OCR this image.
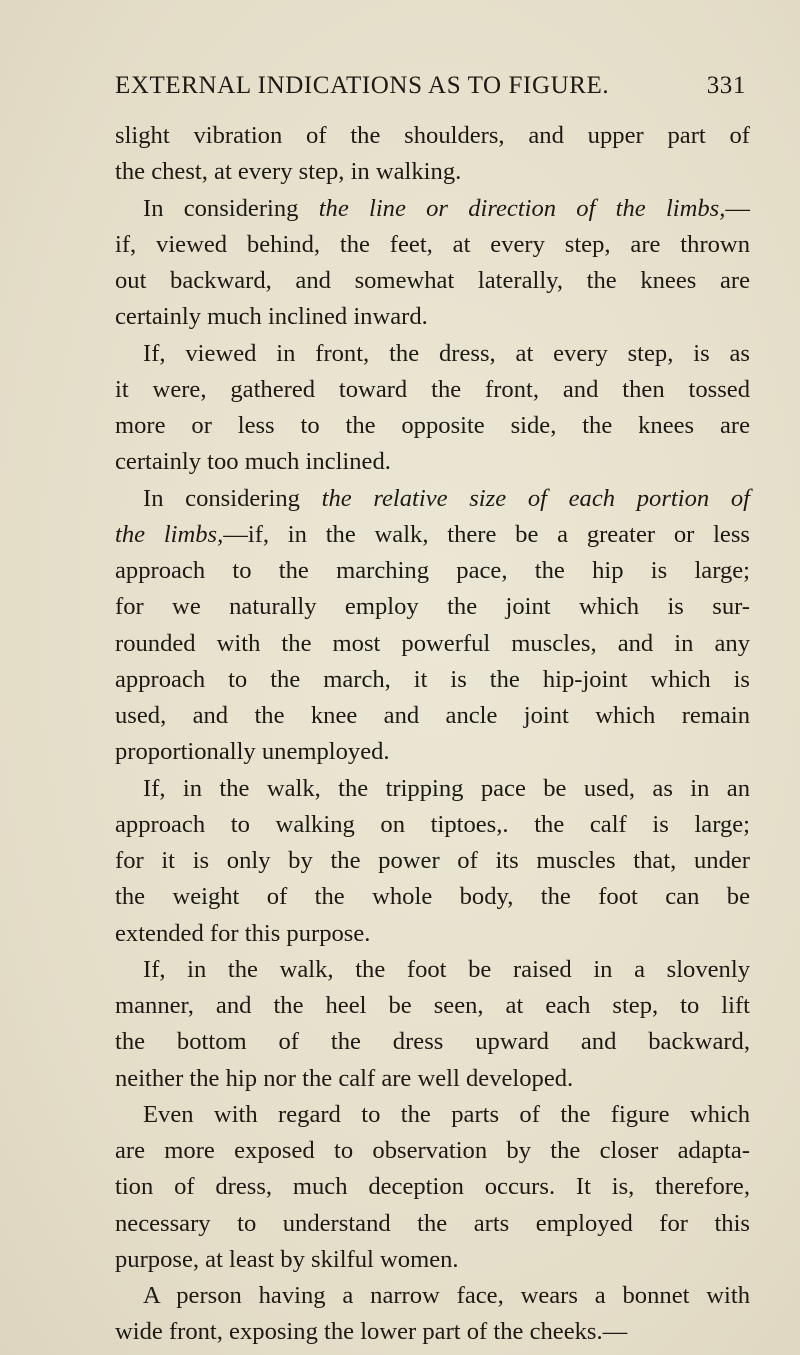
EXTERNAL INDICATIONS AS TO FIGURE.	331
slight vibration of the shoulders, and upper part of
the chest, at every step, in walking.
In considering the line or direction of the limbs,—
if, viewed behind, the feet, at every step, are thrown
out backward, and somewhat laterally, the knees are
certainly much inclined inward.
If, viewed in front, the dress, at every step, is as
it were, gathered toward the front, and then tossed
more or less to the opposite side, the knees are
certainly too much inclined.
In considering the relative size of each portion of
the limbs,—if, in the walk, there be a greater or less
approach to the marching pace, the hip is large;
for we naturally employ the joint which is sur-
rounded with the most powerful muscles, and in any
approach to the march, it is the hip-joint which is
used, and the knee and ancle joint which remain
proportionally unemployed.
If, in the walk, the tripping pace be used, as in an
approach to walking on tiptoes,. the calf is large;
for it is only by the power of its muscles that, under
the weight of the whole body, the foot can be
extended for this purpose.
If, in the walk, the foot be raised in a slovenly
manner, and the heel be seen, at each step, to lift
the bottom of the dress upward and backward,
neither the hip nor the calf are well developed.
Even with regard to the parts of the figure which
are more exposed to observation by the closer adapta-
tion of dress, much deception occurs. It is, therefore,
necessary to understand the arts employed for this
purpose, at least by skilful women.
A person having a narrow face, wears a bonnet with
wide front, exposing the lower part of the cheeks.—
